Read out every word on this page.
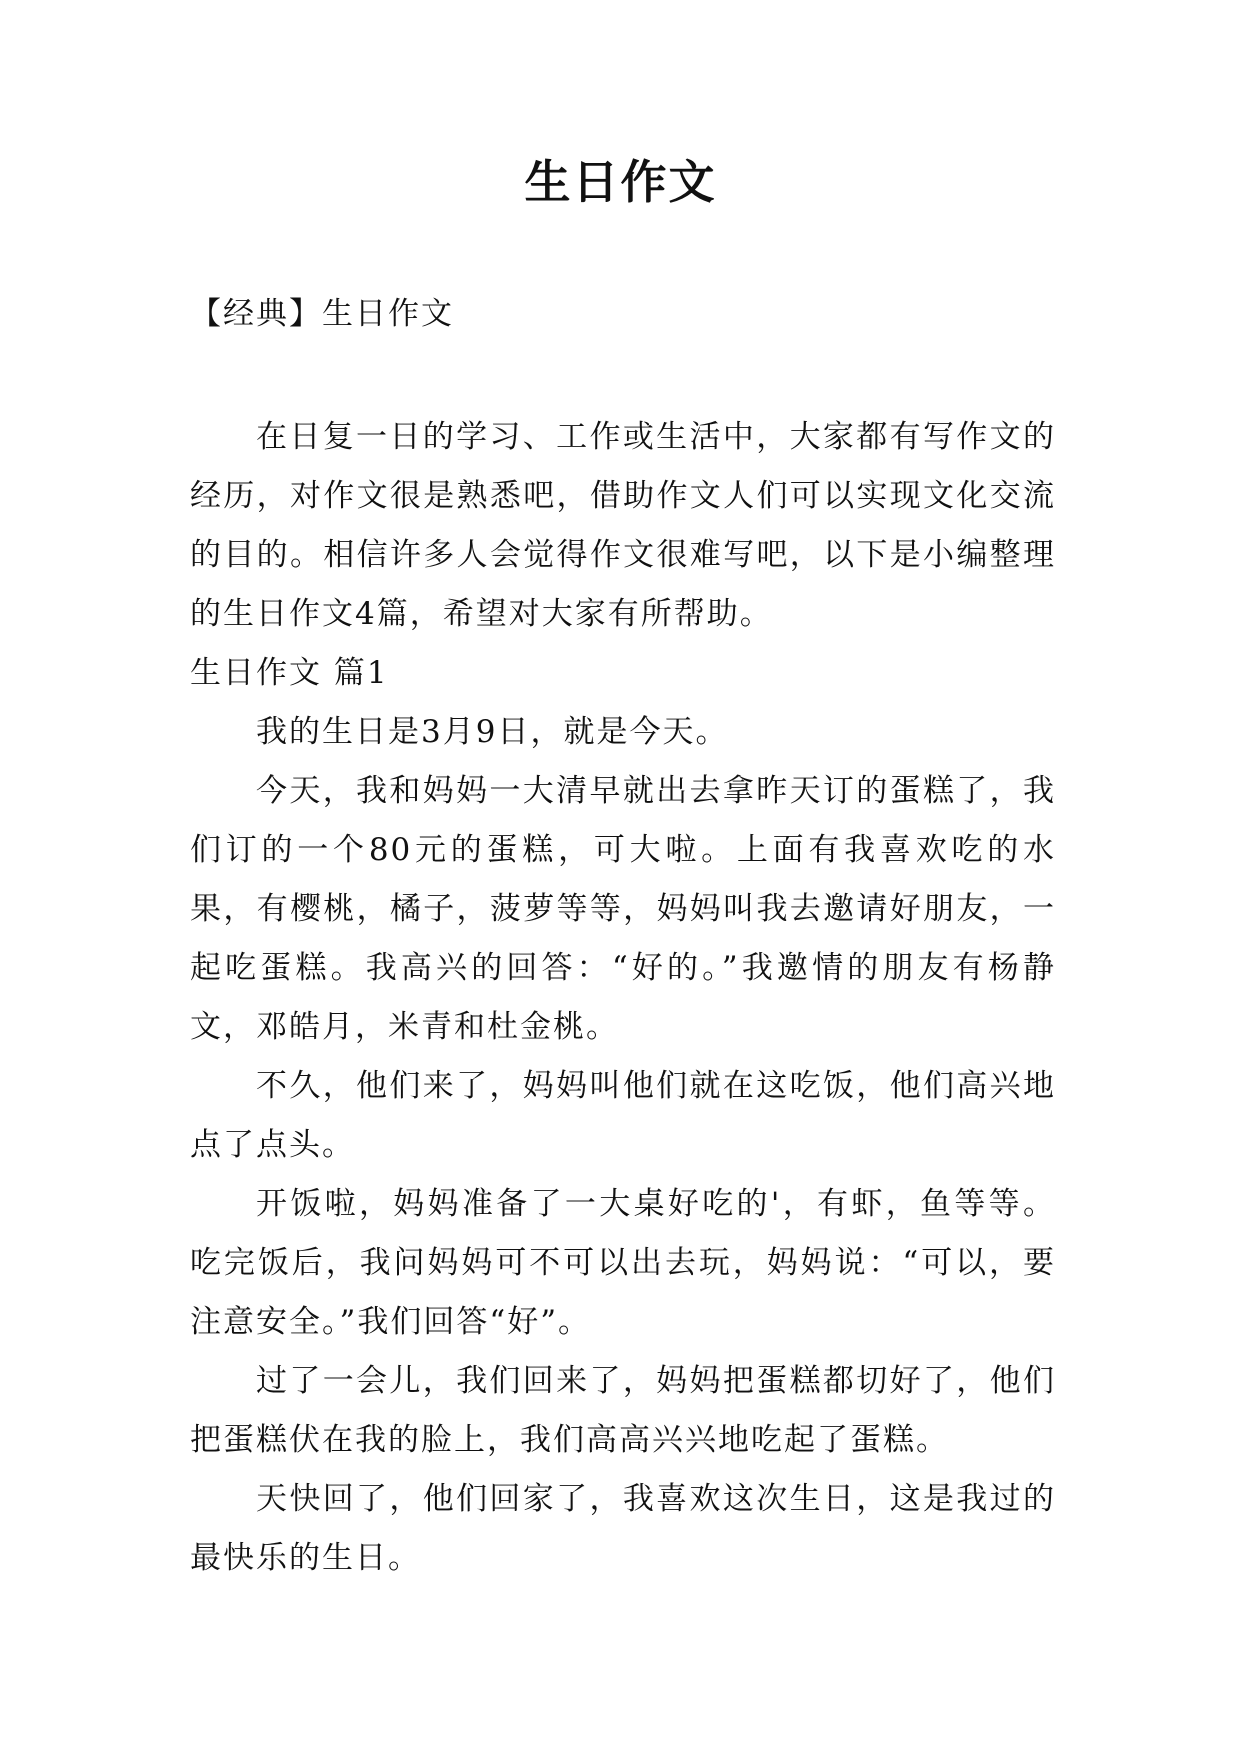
生日作文

【经典】生日作文

在日复一日的学习、工作或生活中，大家都有写作文的经历，对作文很是熟悉吧，借助作文人们可以实现文化交流的目的。相信许多人会觉得作文很难写吧，以下是小编整理的生日作文4篇，希望对大家有所帮助。

生日作文 篇1

我的生日是3月9日，就是今天。

今天，我和妈妈一大清早就出去拿昨天订的蛋糕了，我们订的一个80元的蛋糕，可大啦。上面有我喜欢吃的水果，有樱桃，橘子，菠萝等等，妈妈叫我去邀请好朋友，一起吃蛋糕。我高兴的回答：“好的。”我邀情的朋友有杨静文，邓皓月，米青和杜金桃。

不久，他们来了，妈妈叫他们就在这吃饭，他们高兴地点了点头。

开饭啦，妈妈准备了一大桌好吃的'，有虾，鱼等等。吃完饭后，我问妈妈可不可以出去玩，妈妈说：“可以，要注意安全。”我们回答“好”。

过了一会儿，我们回来了，妈妈把蛋糕都切好了，他们把蛋糕伏在我的脸上，我们高高兴兴地吃起了蛋糕。

天快回了，他们回家了，我喜欢这次生日，这是我过的最快乐的生日。
